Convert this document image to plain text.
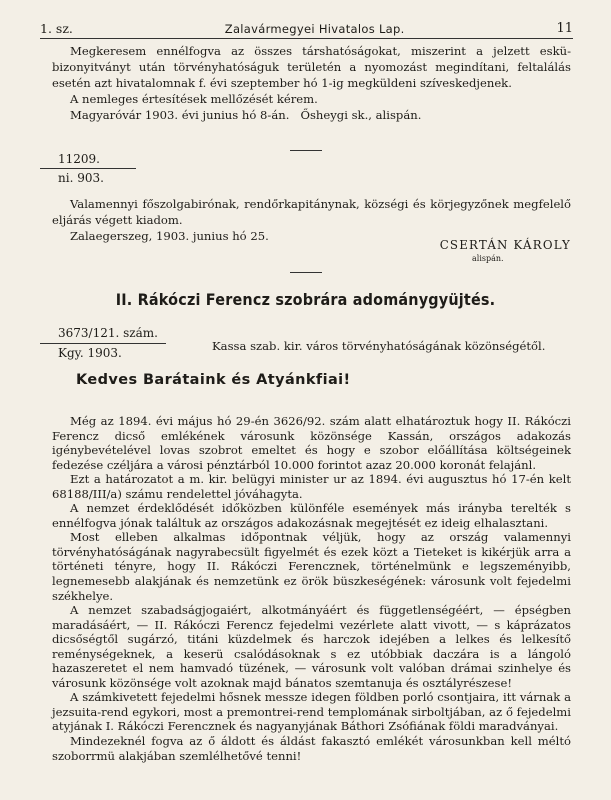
1. sz.	Zalavármegyei Hivatalos Lap.	11

Megkeresem ennélfogva az összes társhatóságokat, miszerint a jelzett eskü-bizonyitványt után törvényhatóságuk területén a nyomozást megindítani, feltalálás esetén azt hivatalomnak f. évi szeptember hó 1-ig megküldeni szíveskedjenek.

A nemleges értesítések mellőzését kérem.

Magyaróvár 1903. évi junius hó 8-án.   Ősheygi sk., alispán.

11209.
ni. 903.

Valamennyi főszolgabirónak, rendőrkapitánynak, községi és körjegyzőnek megfelelő eljárás végett kiadom.

Zalaegerszeg, 1903. junius hó 25.

CSERTÁN KÁROLY
alispán.
II. Rákóczi Ferencz szobrára adománygyüjtés.
3673/121. szám.
Kgy. 1903.	Kassa szab. kir. város törvényhatóságának közönségétől.
Kedves Barátaink és Atyánkfiai!

Még az 1894. évi május hó 29-én 3626/92. szám alatt elhatároztuk hogy II. Rákóczi Ferencz dicső emlékének városunk közönsége Kassán, országos adakozás igénybevételével lovas szobrot emeltet és hogy e szobor előállítása költségeinek fedezése czéljára a városi pénztárból 10.000 forintot azaz 20.000 koronát felajánl.

Ezt a határozatot a m. kir. belügyi minister ur az 1894. évi augusztus hó 17-én kelt 68188/III/a) számu rendelettel jóváhagyta.

A nemzet érdeklődését időközben különféle események más irányba terelték s ennélfogva jónak találtuk az országos adakozásnak megejtését ez ideig elhalasztani.

Most elleben alkalmas időpontnak véljük, hogy az ország valamennyi törvényhatóságának nagyrabecsült figyelmét és ezek közt a Tieteket is kikérjük arra a történeti tényre, hogy II. Rákóczi Ferencznek, történelmünk e legszeményibb, legnemesebb alakjának és nemzetünk ez örök büszkeségének: városunk volt fejedelmi székhelye.

A nemzet szabadságjogaiért, alkotmányáért és függetlenségéért, — épségben maradásáért, — II. Rákóczi Ferencz fejedelmi vezérlete alatt vivott, — s káprázatos dicsőségtől sugárzó, titáni küzdelmek és harczok idejében a lelkes és lelkesítő reménységeknek, a keserü csalódásoknak s ez utóbbiak daczára is a lángoló hazaszeretet el nem hamvadó tüzének, — városunk volt valóban drámai szinhelye és városunk közönsége volt azoknak majd bánatos szemtanuja és osztályrészese!

A számkivetett fejedelmi hősnek messze idegen földben porló csontjaira, itt várnak a jezsuita-rend egykori, most a premontrei-rend templomának sirboltjában, az ő fejedelmi atyjának I. Rákóczi Ferencznek és nagyanyjának Báthori Zsófiának földi maradványai.

Mindezeknél fogva az ő áldott és áldást fakasztó emlékét városunkban kell méltó szoborrmü alakjában szemlélhetővé tenni!
